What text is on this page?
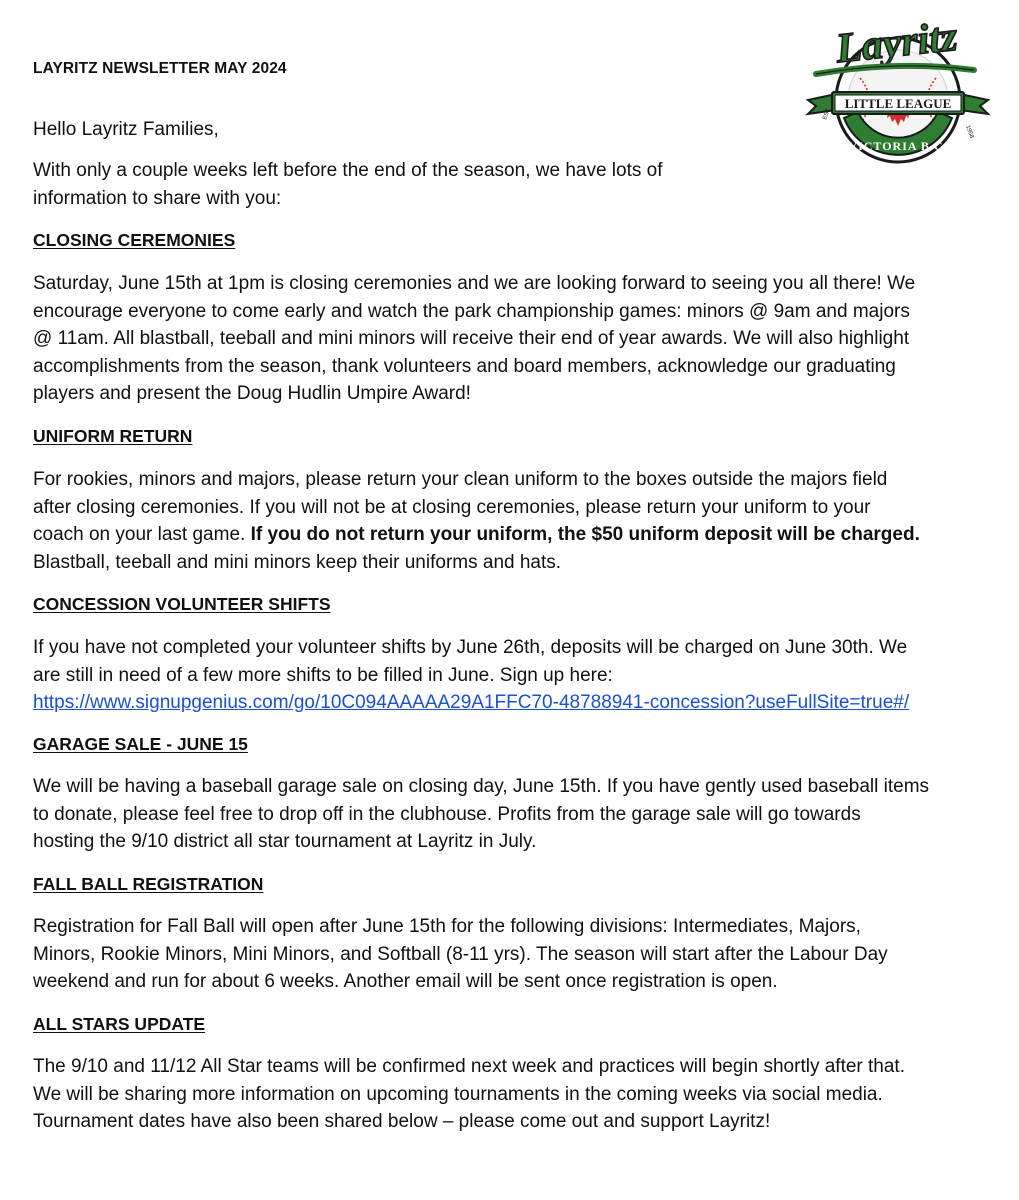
LAYRITZ NEWSLETTER MAY 2024

Hello Layritz Families,

With only a couple weeks left before the end of the season, we have lots of
information to share with you:

CLOSING CEREMONIES

Saturday, June 15th at 1pm is closing ceremonies and we are looking forward to seeing you all there! We
encourage everyone to come early and watch the park championship games: minors @ 9am and majors
@ 11am. All blastball, teeball and mini minors will receive their end of year awards. We will also highlight
accomplishments from the season, thank volunteers and board members, acknowledge our graduating
players and present the Doug Hudlin Umpire Award!

UNIFORM RETURN

For rookies, minors and majors, please return your clean uniform to the boxes outside the majors field
after closing ceremonies. If you will not be at closing ceremonies, please return your uniform to your
coach on your last game. If you do not return your uniform, the $50 uniform deposit will be charged.
Blastball, teeball and mini minors keep their uniforms and hats.

CONCESSION VOLUNTEER SHIFTS

If you have not completed your volunteer shifts by June 26th, deposits will be charged on June 30th. We
are still in need of a few more shifts to be filled in June. Sign up here:
https://www.signupgenius.com/go/10C094AAAAA29A1FFC70-48788941-concession?useFullSite=true#/

GARAGE SALE - JUNE 15

We will be having a baseball garage sale on closing day, June 15th. If you have gently used baseball items
to donate, please feel free to drop off in the clubhouse. Profits from the garage sale will go towards
hosting the 9/10 district all star tournament at Layritz in July.

FALL BALL REGISTRATION

Registration for Fall Ball will open after June 15th for the following divisions: Intermediates, Majors,
Minors, Rookie Minors, Mini Minors, and Softball (8-11 yrs). The season will start after the Labour Day
weekend and run for about 6 weeks. Another email will be sent once registration is open.

ALL STARS UPDATE

The 9/10 and 11/12 All Star teams will be confirmed next week and practices will begin shortly after that.
We will be sharing more information on upcoming tournaments in the coming weeks via social media.
Tournament dates have also been shared below – please come out and support Layritz!

LITTLE LEAGUE
EST
1958
VICTORIA B.C.
Layritz
